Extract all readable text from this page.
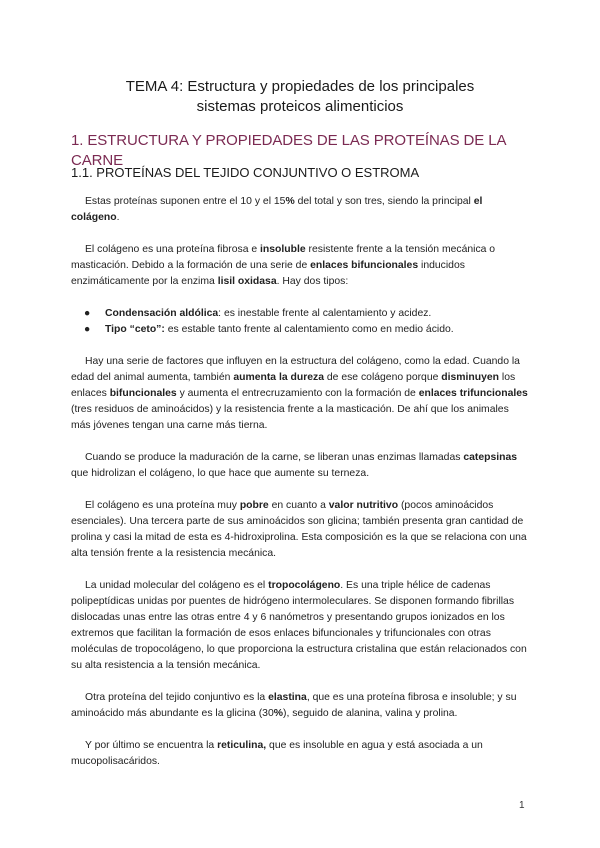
TEMA 4: Estructura y propiedades de los principales
sistemas proteicos alimenticios
1. ESTRUCTURA Y PROPIEDADES DE LAS PROTEÍNAS DE LA CARNE
1.1. PROTEÍNAS DEL TEJIDO CONJUNTIVO O ESTROMA

Estas proteínas suponen entre el 10 y el 15% del total y son tres, siendo la principal el colágeno.

El colágeno es una proteína fibrosa e insoluble resistente frente a la tensión mecánica o masticación. Debido a la formación de una serie de enlaces bifuncionales inducidos enzimáticamente por la enzima lisil oxidasa. Hay dos tipos:

● Condensación aldólica: es inestable frente al calentamiento y acidez.
● Tipo “ceto”: es estable tanto frente al calentamiento como en medio ácido.

Hay una serie de factores que influyen en la estructura del colágeno, como la edad. Cuando la edad del animal aumenta, también aumenta la dureza de ese colágeno porque disminuyen los enlaces bifuncionales y aumenta el entrecruzamiento con la formación de enlaces trifuncionales (tres residuos de aminoácidos) y la resistencia frente a la masticación. De ahí que los animales más jóvenes tengan una carne más tierna.

Cuando se produce la maduración de la carne, se liberan unas enzimas llamadas catepsinas que hidrolizan el colágeno, lo que hace que aumente su terneza.

El colágeno es una proteína muy pobre en cuanto a valor nutritivo (pocos aminoácidos esenciales). Una tercera parte de sus aminoácidos son glicina; también presenta gran cantidad de prolina y casi la mitad de esta es 4-hidroxiprolina. Esta composición es la que se relaciona con una alta tensión frente a la resistencia mecánica.

La unidad molecular del colágeno es el tropocolágeno. Es una triple hélice de cadenas polipeptídicas unidas por puentes de hidrógeno intermoleculares. Se disponen formando fibrillas dislocadas unas entre las otras entre 4 y 6 nanómetros y presentando grupos ionizados en los extremos que facilitan la formación de esos enlaces bifuncionales y trifuncionales con otras moléculas de tropocolágeno, lo que proporciona la estructura cristalina que están relacionados con su alta resistencia a la tensión mecánica.

Otra proteína del tejido conjuntivo es la elastina, que es una proteína fibrosa e insoluble; y su aminoácido más abundante es la glicina (30%), seguido de alanina, valina y prolina.

Y por último se encuentra la reticulina, que es insoluble en agua y está asociada a un mucopolisacáridos.

1
